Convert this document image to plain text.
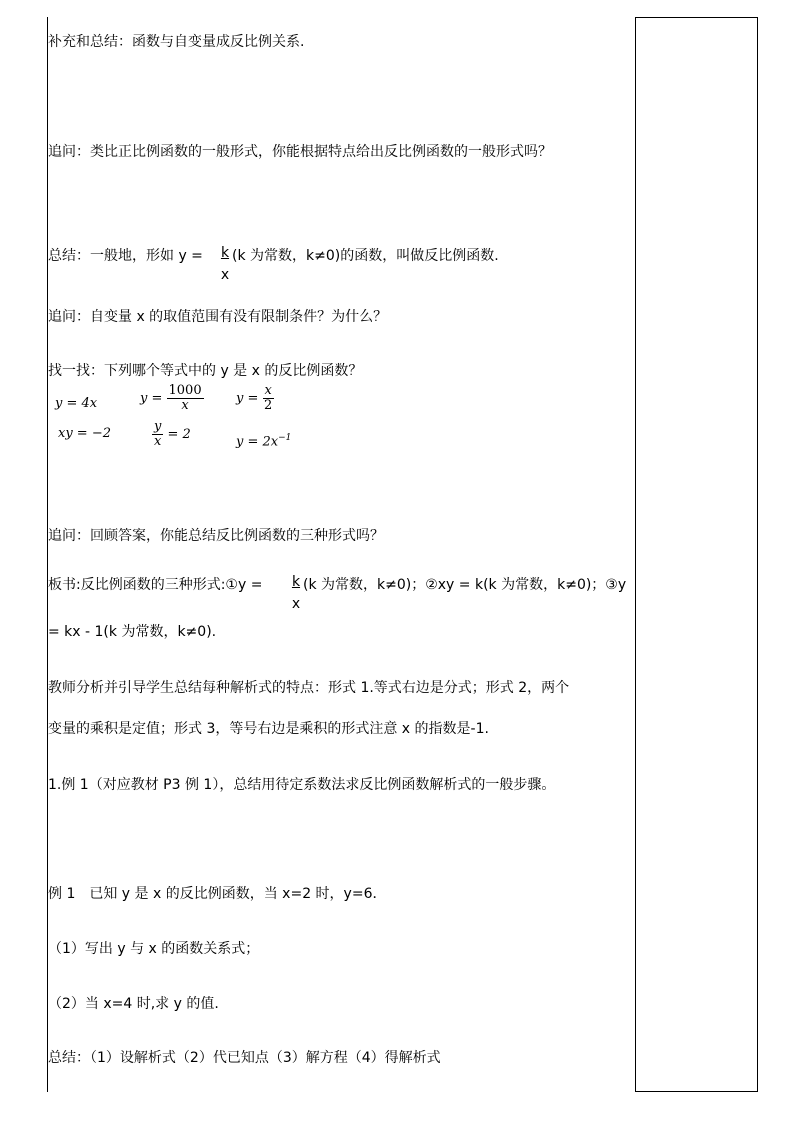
补充和总结：函数与自变量成反比例关系.
追问：类比正比例函数的一般形式，你能根据特点给出反比例函数的一般形式吗？
总结：一般地，形如 $y = \frac{k}{x} (k$ 为常数，k≠0)的函数，叫做反比例函数.
追问：自变量 x 的取值范围有没有限制条件？为什么？
找一找：下列哪个等式中的 y 是 x 的反比例函数？
y = 4x	$y = \frac{1000}{x}$ $y = \frac{x}{2}$
xy = −2	$\frac{y}{x} = 2$	$y = 2x^{-1}$
追问：回顾答案，你能总结反比例函数的三种形式吗？
板书:反比例函数的三种形式:①y = $\frac{k}{x} (k$ 为常数，k≠0)；②xy = k(k 为常数，k≠0)；③y
= kx - 1(k 为常数，k≠0).
教师分析并引导学生总结每种解析式的特点：形式 1.等式右边是分式；形式 2，两个
变量的乘积是定值；形式 3，等号右边是乘积的形式注意 x 的指数是-1.
1.例 1（对应教材 P3 例 1），总结用待定系数法求反比例函数解析式的一般步骤。
例 1　已知 y 是 x 的反比例函数，当 x=2 时，y=6．
（1）写出 y 与 x 的函数关系式；
（2）当 x=4 时,求 y 的值.
总结：（1）设解析式（2）代已知点（3）解方程（4）得解析式
